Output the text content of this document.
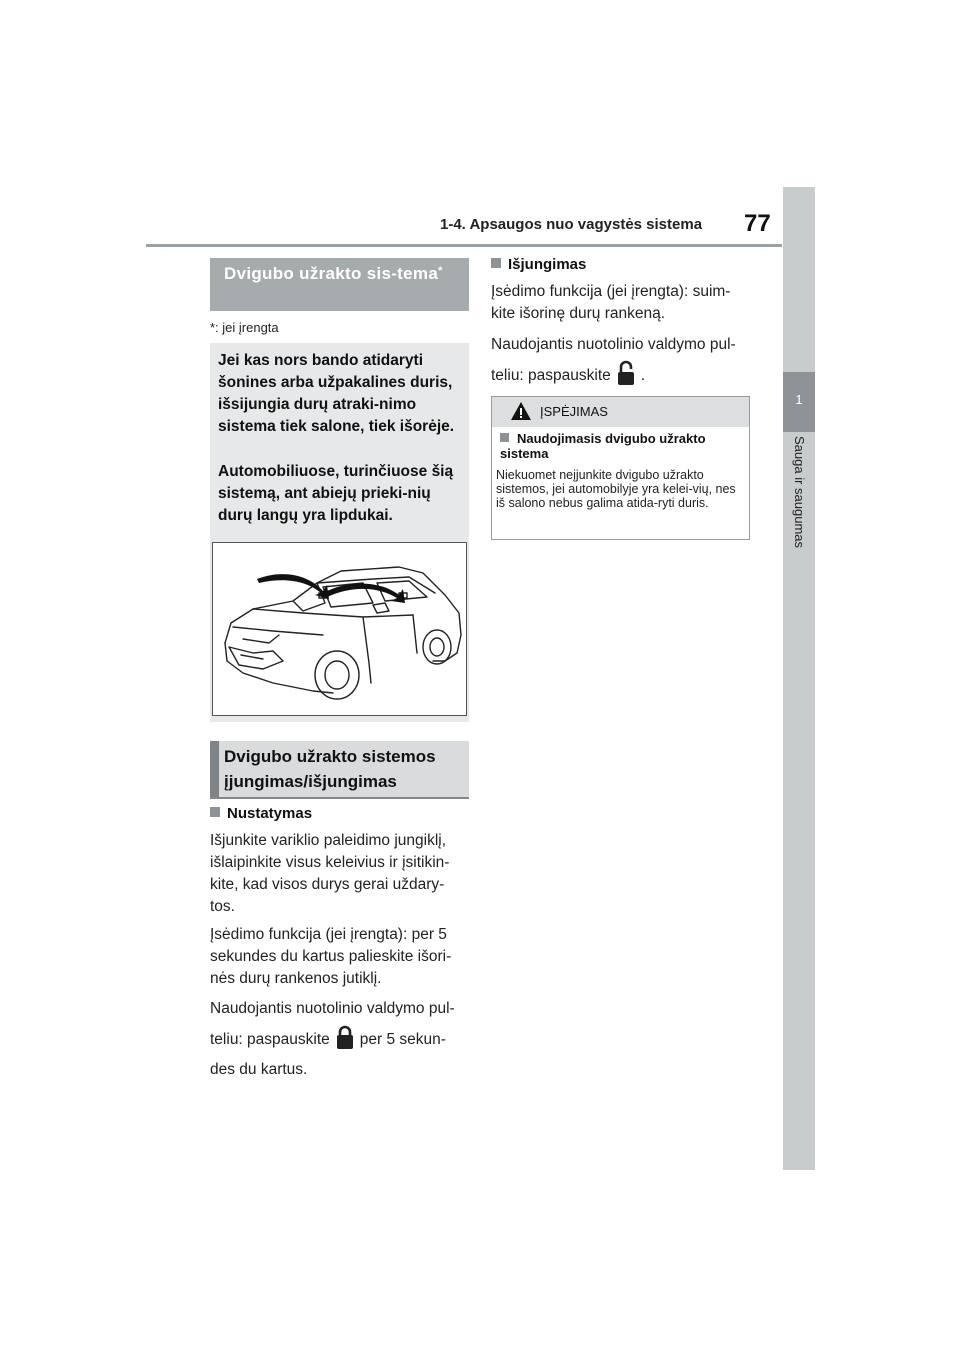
1-4. Apsaugos nuo vagystės sistema 77
1
Sauga ir saugumas
Dvigubo užrakto sis-tema*
*: jei įrengta
Jei kas nors bando atidaryti šonines arba užpakalines duris, išsijungia durų atraki-nimo sistema tiek salone, tiek išorėje.
Automobiliuose, turinčiuose šią sistemą, ant abiejų prieki-nių durų langų yra lipdukai.
Dvigubo užrakto sistemos įjungimas/išjungimas
Nustatymas
Išjunkite variklio paleidimo jungiklį, išlaipinkite visus keleivius ir įsitikin-kite, kad visos durys gerai uždary-tos.
Įsėdimo funkcija (jei įrengta): per 5 sekundes du kartus palieskite išori-nės durų rankenos jutiklį.
Naudojantis nuotolinio valdymo pul-teliu: paspauskite per 5 sekun-des du kartus.
Išjungimas
Įsėdimo funkcija (jei įrengta): suim-kite išorinę durų rankeną.
Naudojantis nuotolinio valdymo pul-teliu: paspauskite .
ĮSPĖJIMAS
Naudojimasis dvigubo užrakto sistema
Niekuomet neįjunkite dvigubo užrakto sistemos, jei automobilyje yra kelei-vių, nes iš salono nebus galima atida-ryti duris.
